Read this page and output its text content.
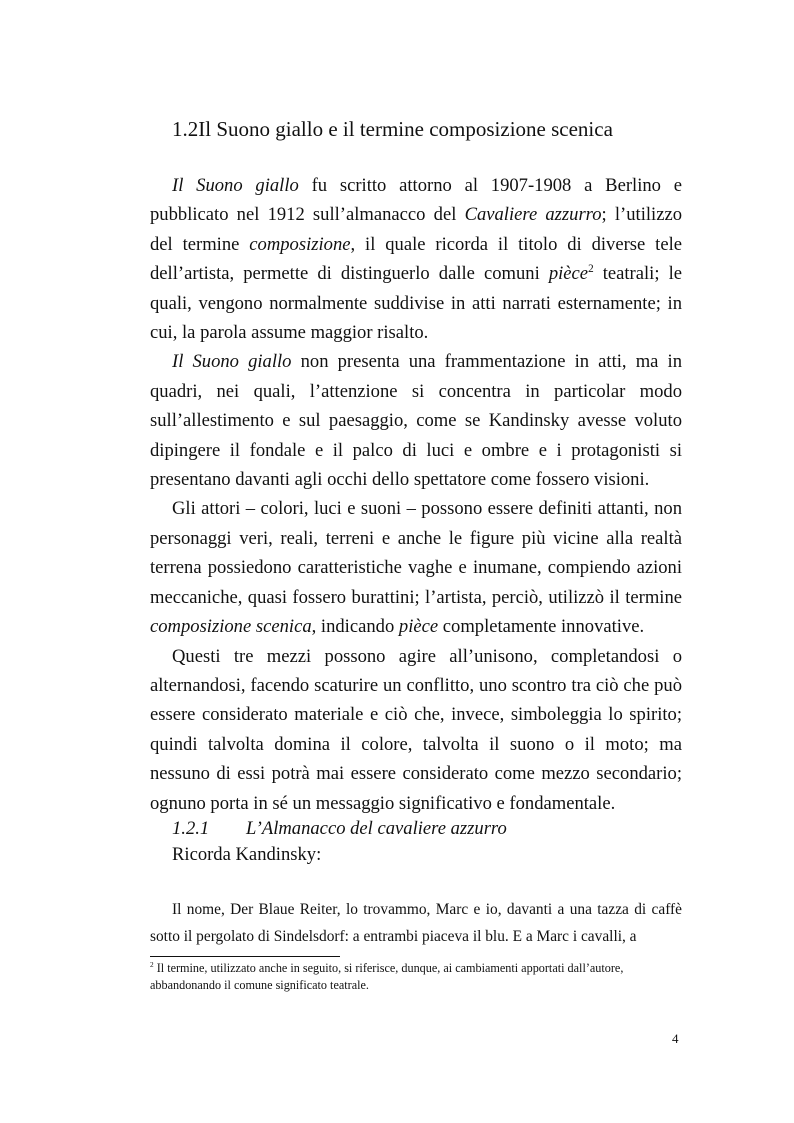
1.2Il Suono giallo e il termine composizione scenica

Il Suono giallo fu scritto attorno al 1907-1908 a Berlino e pubblicato nel 1912 sull’almanacco del Cavaliere azzurro; l’utilizzo del termine composizione, il quale ricorda il titolo di diverse tele dell’artista, permette di distinguerlo dalle comuni pièce$^2$ teatrali; le quali, vengono normalmente suddivise in atti narrati esternamente; in cui, la parola assume maggior risalto.

Il Suono giallo non presenta una frammentazione in atti, ma in quadri, nei quali, l’attenzione si concentra in particolar modo sull’allestimento e sul paesaggio, come se Kandinsky avesse voluto dipingere il fondale e il palco di luci e ombre e i protagonisti si presentano davanti agli occhi dello spettatore come fossero visioni.

Gli attori – colori, luci e suoni – possono essere definiti attanti, non personaggi veri, reali, terreni e anche le figure più vicine alla realtà terrena possiedono caratteristiche vaghe e inumane, compiendo azioni meccaniche, quasi fossero burattini; l’artista, perciò, utilizzò il termine composizione scenica, indicando pièce completamente innovative.

Questi tre mezzi possono agire all’unisono, completandosi o alternandosi, facendo scaturire un conflitto, uno scontro tra ciò che può essere considerato materiale e ciò che, invece, simboleggia lo spirito; quindi talvolta domina il colore, talvolta il suono o il moto; ma nessuno di essi potrà mai essere considerato come mezzo secondario; ognuno porta in sé un messaggio significativo e fondamentale.

1.2.1 L’Almanacco del cavaliere azzurro
Ricorda Kandinsky:

Il nome, Der Blaue Reiter, lo trovammo, Marc e io, davanti a una tazza di caffè sotto il pergolato di Sindelsdorf: a entrambi piaceva il blu. E a Marc i cavalli, a

$^2$ Il termine, utilizzato anche in seguito, si riferisce, dunque, ai cambiamenti apportati dall’autore, abbandonando il comune significato teatrale.

4
